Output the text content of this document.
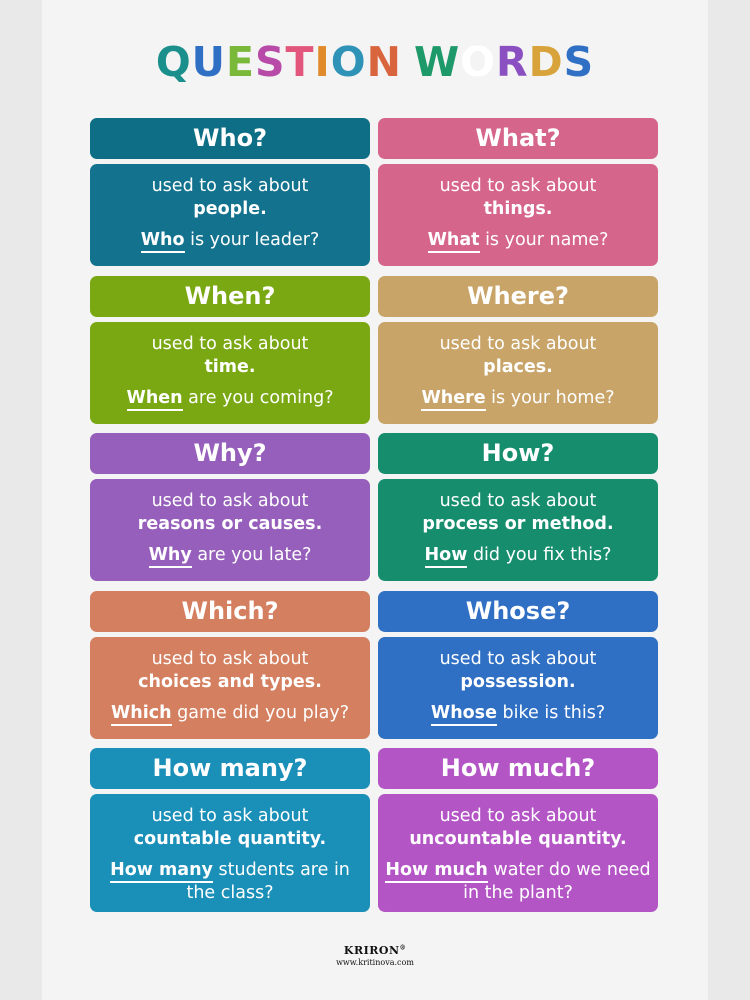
QUESTION WORDS
Who?
used to ask about
people.
Who is your leader?
What?
used to ask about
things.
What is your name?
When?
used to ask about
time.
When are you coming?
Where?
used to ask about
places.
Where is your home?
Why?
used to ask about
reasons or causes.
Why are you late?
How?
used to ask about
process or method.
How did you fix this?
Which?
used to ask about
choices and types.
Which game did you play?
Whose?
used to ask about
possession.
Whose bike is this?
How many?
used to ask about
countable quantity.
How many students are in the class?
How much?
used to ask about
uncountable quantity.
How much water do we need in the plant?
KRIRON®
www.kritinova.com
